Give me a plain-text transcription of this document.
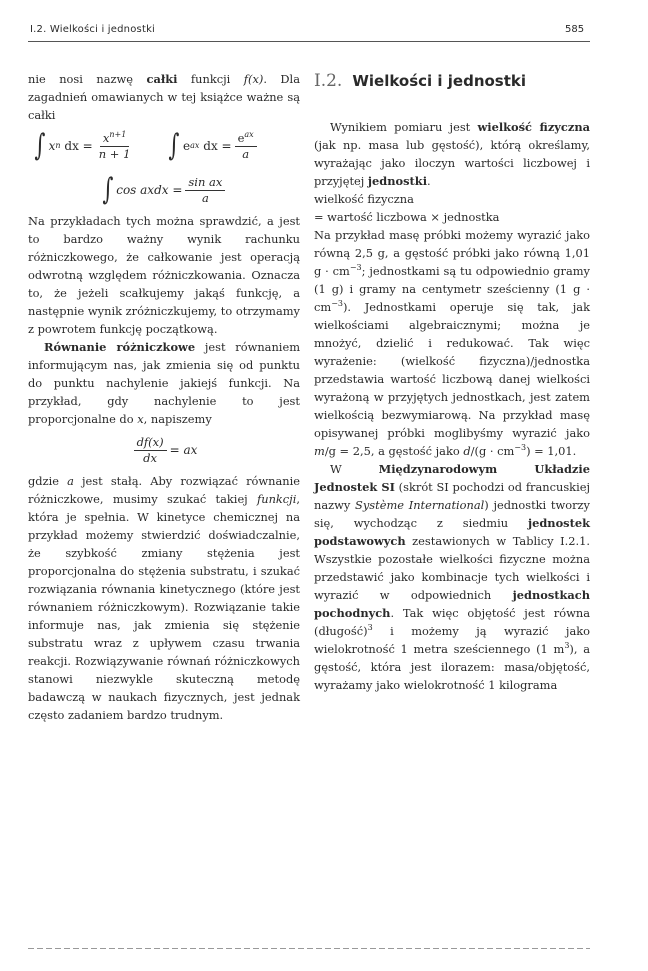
I.2. Wielkości i jednostki	585

nie nosi nazwę całki funkcji f(x). Dla zagadnień omawianych w tej książce ważne są całki

∫ x n
dx = $\frac{x^{n+1}}{n + 1}$ ∫ e ax
dx = $\frac{e^{ax}}{a}$
∫ cos axdx = $\frac{\text{sin ax}}{a}$

Na przykładach tych można sprawdzić, a jest to bardzo ważny wynik rachunku różniczkowego, że całkowanie jest operacją odwrotną względem różniczkowania. Oznacza to, że jeżeli scałkujemy jakąś funkcję, a następnie wynik zróżniczkujemy, to otrzymamy z powrotem funkcję początkową.

Równanie różniczkowe jest równaniem informującym nas, jak zmienia się od punktu do punktu nachylenie jakiejś funkcji. Na przykład, gdy nachylenie to jest proporcjonalne do x, napiszemy

$\frac{df(x)}{dx}$ = ax

gdzie a jest stałą. Aby rozwiązać równanie różniczkowe, musimy szukać takiej funkcji, która je spełnia. W kinetyce chemicznej na przykład możemy stwierdzić doświadczalnie, że szybkość zmiany stężenia jest proporcjonalna do stężenia substratu, i szukać rozwiązania równania kinetycznego (które jest równaniem różniczkowym). Rozwiązanie takie informuje nas, jak zmienia się stężenie substratu wraz z upływem czasu trwania reakcji. Rozwiązywanie równań różniczkowych stanowi niezwykle skuteczną metodę badawczą w naukach fizycznych, jest jednak często zadaniem bardzo trudnym.

I.2. Wielkości i jednostki

Wynikiem pomiaru jest wielkość fizyczna (jak np. masa lub gęstość), którą określamy, wyrażając jako iloczyn wartości liczbowej i przyjętej jednostki.

wielkość fizyczna

= wartość liczbowa × jednostka

Na przykład masę próbki możemy wyrazić jako równą 2,5 g, a gęstość próbki jako równą 1,01 $g \cdot cm^{-3}$; jednostkami są tu odpowiednio gramy (1 g) i gramy na centymetr sześcienny (1 $g \cdot cm^{-3}$). Jednostkami operuje się tak, jak wielkościami algebraicznymi; można je mnożyć, dzielić i redukować. Tak więc wyrażenie: (wielkość fizyczna)/jednostka przedstawia wartość liczbową danej wielkości wyrażoną w przyjętych jednostkach, jest zatem wielkością bezwymiarową. Na przykład masę opisywanej próbki moglibyśmy wyrazić jako m/g = 2,5, a gęstość jako $d/(g \cdot cm^{-3}) = 1,01$.

W Międzynarodowym Układzie Jednostek SI (skrót SI pochodzi od francuskiej nazwy Système International) jednostki tworzy się, wychodząc z siedmiu jednostek podstawowych zestawionych w Tablicy I.2.1. Wszystkie pozostałe wielkości fizyczne można przedstawić jako kombinacje tych wielkości i wyrazić w odpowiednich jednostkach pochodnych. Tak więc objętość jest równa (długość)$^3$ i możemy ją wyrazić jako wielokrotność 1 metra sześciennego (1 $m^3$), a gęstość, która jest ilorazem: masa/objętość, wyrażamy jako wielokrotność 1 kilograma
